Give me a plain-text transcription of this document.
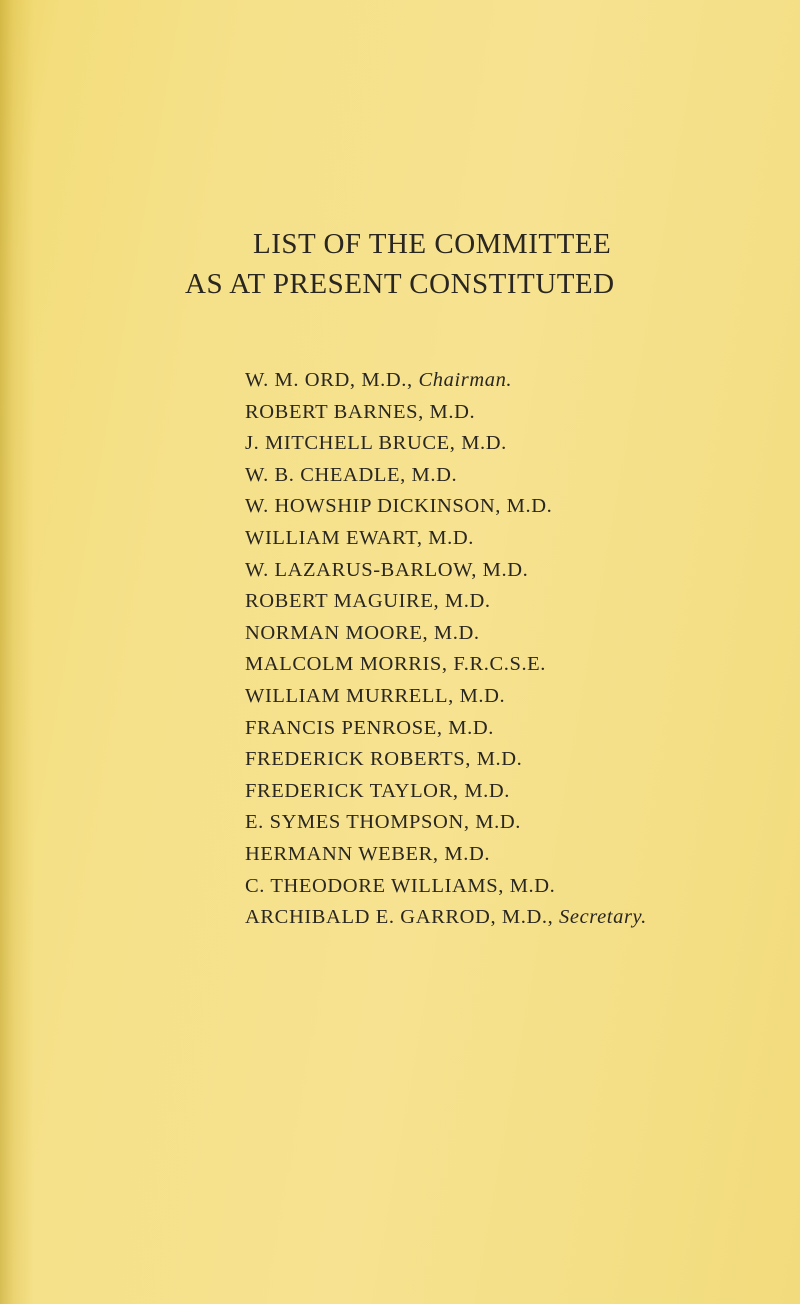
LIST OF THE COMMITTEE
AS AT PRESENT CONSTITUTED
W. M. ORD, M.D., Chairman.
ROBERT BARNES, M.D.
J. MITCHELL BRUCE, M.D.
W. B. CHEADLE, M.D.
W. HOWSHIP DICKINSON, M.D.
WILLIAM EWART, M.D.
W. LAZARUS-BARLOW, M.D.
ROBERT MAGUIRE, M.D.
NORMAN MOORE, M.D.
MALCOLM MORRIS, F.R.C.S.E.
WILLIAM MURRELL, M.D.
FRANCIS PENROSE, M.D.
FREDERICK ROBERTS, M.D.
FREDERICK TAYLOR, M.D.
E. SYMES THOMPSON, M.D.
HERMANN WEBER, M.D.
C. THEODORE WILLIAMS, M.D.
ARCHIBALD E. GARROD, M.D., Secretary.
